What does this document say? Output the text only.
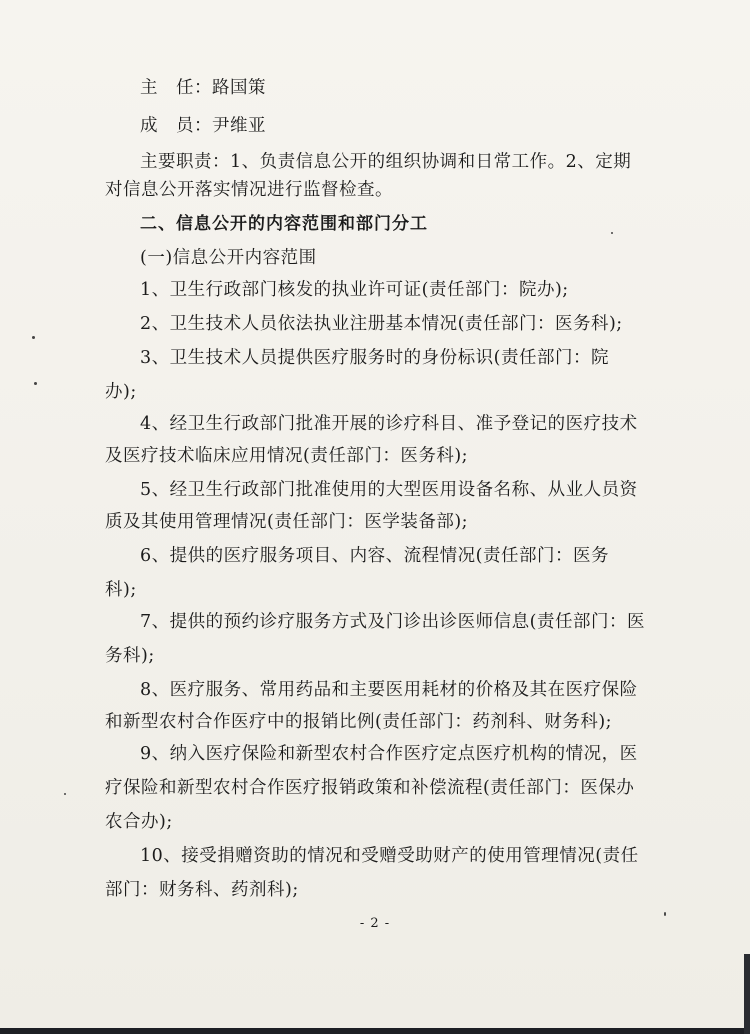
主　任：路国策
成　员：尹维亚
主要职责：1、负责信息公开的组织协调和日常工作。2、定期
对信息公开落实情况进行监督检查。
二、信息公开的内容范围和部门分工
(一)信息公开内容范围
1、卫生行政部门核发的执业许可证(责任部门：院办);
2、卫生技术人员依法执业注册基本情况(责任部门：医务科);
3、卫生技术人员提供医疗服务时的身份标识(责任部门：院
办);
4、经卫生行政部门批准开展的诊疗科目、准予登记的医疗技术
及医疗技术临床应用情况(责任部门：医务科);
5、经卫生行政部门批准使用的大型医用设备名称、从业人员资
质及其使用管理情况(责任部门：医学装备部);
6、提供的医疗服务项目、内容、流程情况(责任部门：医务
科);
7、提供的预约诊疗服务方式及门诊出诊医师信息(责任部门：医
务科);
8、医疗服务、常用药品和主要医用耗材的价格及其在医疗保险
和新型农村合作医疗中的报销比例(责任部门：药剂科、财务科);
9、纳入医疗保险和新型农村合作医疗定点医疗机构的情况，医
疗保险和新型农村合作医疗报销政策和补偿流程(责任部门：医保办
农合办);
10、接受捐赠资助的情况和受赠受助财产的使用管理情况(责任
部门：财务科、药剂科);
- 2 -
